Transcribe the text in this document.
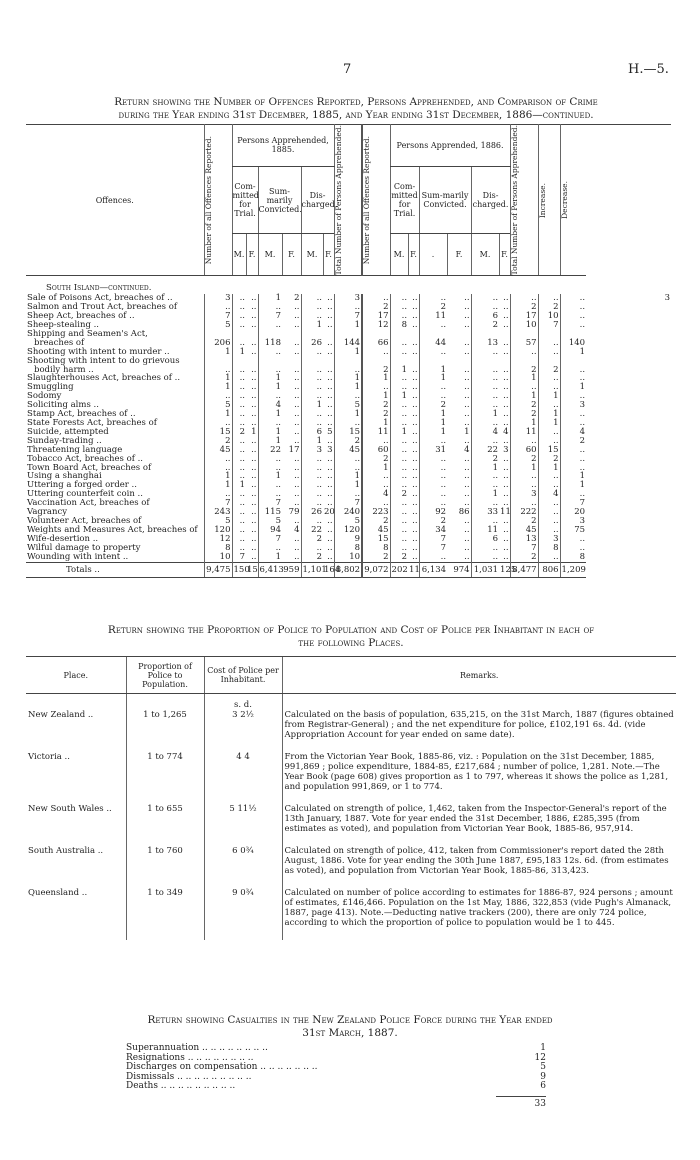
7	H.—5.
Return showing the Number of Offences Reported, Persons Apprehended, and Comparison of Crime
during the Year ending 31st December, 1885, and Year ending 31st December, 1886—continued.
Offences.	Number of all Offences Reported.	Persons Apprehended, 1885.						Total Number of Persons Apprehended.	Number of all Offences Reported.	Persons Apprended, 1886.						Total Number of Persons Apprehended.	Increase.	Decrease.	

		Com-mitted for Trial.		Sum-marily Convicted.		Dis-charged.				Com-mitted for Trial.		Sum-marily Convicted.		Dis-charged.					
		M.	F.	M.	F.	M.	F.			M.	F.	.	F.	M.	F.				
South Island—continued.																			
Sale of Poisons Act, breaches of ..	3	..	..	1	2	..	..	3	..	..	..	..	..	..	..	..	..	..	3
Salmon and Trout Act, breaches of	..	..	..	..	..	..	..	..	2	..	..	2	..	..	..	2	2	..	
Sheep Act, breaches of ..	7	..	..	7	..	..	..	7	17	..	..	11	..	6	..	17	10	..	
Sheep-stealing ..	5	..	..	..	..	1	..	1	12	8	..	..	..	2	..	10	7	..	
Shipping and Seamen's Act,																			
breaches of	206	..	..	118	..	26	..	144	66	..	..	44	..	13	..	57	..	140	
Shooting with intent to murder ..	1	1	..	..	..	..	..	1	..	..	..	..	..	..	..	..	..	1	
Shooting with intent to do grievous																			
bodily harm ..	..	..	..	..	..	..	..	..	2	1	..	1	..	..	..	2	2	..	
Slaughterhouses Act, breaches of ..	1	..	..	1	..	..	..	1	1	..	..	1	..	..	..	1	..	..	
Smuggling	1	..	..	1	..	..	..	1	..	..	..	..	..	..	..	..	..	1	
Sodomy	..	..	..	..	..	..	..	..	1	1	..	..	..	..	..	1	1	..	
Soliciting alms ..	5	..	..	4	..	1	..	5	2	..	..	2	..	..	..	2	..	3	
Stamp Act, breaches of ..	1	..	..	1	..	..	..	1	2	..	..	1	..	1	..	2	1	..	
State Forests Act, breaches of	..	..	..	..	..	..	..	..	1	..	..	1	..	..	..	1	1	..	
Suicide, attempted	15	2	1	1	..	6	5	15	11	1	..	1	1	4	4	11	..	4	
Sunday-trading ..	2	..	..	1	..	1	..	2	..	..	..	..	..	..	..	..	..	2	
Threatening language	45	..	..	22	17	3	3	45	60	..	..	31	4	22	3	60	15	..	
Tobacco Act, breaches of ..	..	..	..	..	..	..	..	..	2	..	..	..	..	2	..	2	2	..	
Town Board Act, breaches of	..	..	..	..	..	..	..	..	1	..	..	..	..	1	..	1	1	..	
Using a shanghai	1	..	..	1	..	..	..	1	..	..	..	..	..	..	..	..	..	1	
Uttering a forged order ..	1	1	..	..	..	..	..	1	..	..	..	..	..	..	..	..	..	1	
Uttering counterfeit coin ..	..	..	..	..	..	..	..	..	4	2	..	..	..	1	..	3	4	..	
Vaccination Act, breaches of	7	..	..	7	..	..	..	7	..	..	..	..	..	..	..	..	..	7	
Vagrancy	243	..	..	115	79	26	20	240	223	..	..	92	86	33	11	222	..	20	
Volunteer Act, breaches of	5	..	..	5	..	..	..	5	2	..	..	2	..	..	..	2	..	3	
Weights and Measures Act, breaches of	120	..	..	94	4	22	..	120	45	..	..	34	..	11	..	45	..	75	
Wife-desertion ..	12	..	..	7	..	2	..	9	15	..	..	7	..	6	..	13	3	..	
Wilful damage to property	8	..	..	..	..	..	..	8	8	..	..	7	..	..	..	7	8	..	
Wounding with intent ..	10	7	..	1	..	2	..	10	2	2	..	..	..	..	..	2	..	8	
Totals ..	9,475	150	15	6,413	959	1,101	164	8,802	9,072	202	11	6,134	974	1,031	125	8,477	806	1,209	
Return showing the Proportion of Police to Population and Cost of Police per Inhabitant in each of
the following Places.
Place.	Proportion of Police to Population.	Cost of Police per Inhabitant.	Remarks.
		s. d.	
New Zealand ..	1 to 1,265	3 2½	Calculated on the basis of population, 635,215, on the 31st March, 1887 (figures obtained from Registrar-General) ; and the net expenditure for police, £102,191 6s. 4d. (vide Appropriation Account for year ended on same date).
Victoria ..	1 to 774	4 4	From the Victorian Year Book, 1885-86, viz. : Population on the 31st December, 1885, 991,869 ; police expenditure, 1884-85, £217,684 ; number of police, 1,281. Note.—The Year Book (page 608) gives proportion as 1 to 797, whereas it shows the police as 1,281, and population 991,869, or 1 to 774.
New South Wales ..	1 to 655	5 11½	Calculated on strength of police, 1,462, taken from the Inspector-General's report of the 13th January, 1887. Vote for year ended the 31st December, 1886, £285,395 (from estimates as voted), and population from Victorian Year Book, 1885-86, 957,914.
South Australia ..	1 to 760	6 0¾	Calculated on strength of police, 412, taken from Commissioner's report dated the 28th August, 1886. Vote for year ending the 30th June 1887, £95,183 12s. 6d. (from estimates as voted), and population from Victorian Year Book, 1885-86, 313,423.
Queensland ..	1 to 349	9 0¾	Calculated on number of police according to estimates for 1886-87, 924 persons ; amount of estimates, £146,466. Population on the 1st May, 1886, 322,853 (vide Pugh's Almanack, 1887, page 413). Note.—Deducting native trackers (200), there are only 724 police, according to which the proportion of police to population would be 1 to 445.
Return showing Casualties in the New Zealand Police Force during the Year ended
31st March, 1887.
Superannuation .. .. .. .. .. .. .. ..	1
Resignations .. .. .. .. .. .. .. ..	12
Discharges on compensation .. .. .. .. .. .. ..	5
Dismissals .. .. .. .. .. .. .. .. ..	9
Deaths .. .. .. .. .. .. .. .. ..	6
33
